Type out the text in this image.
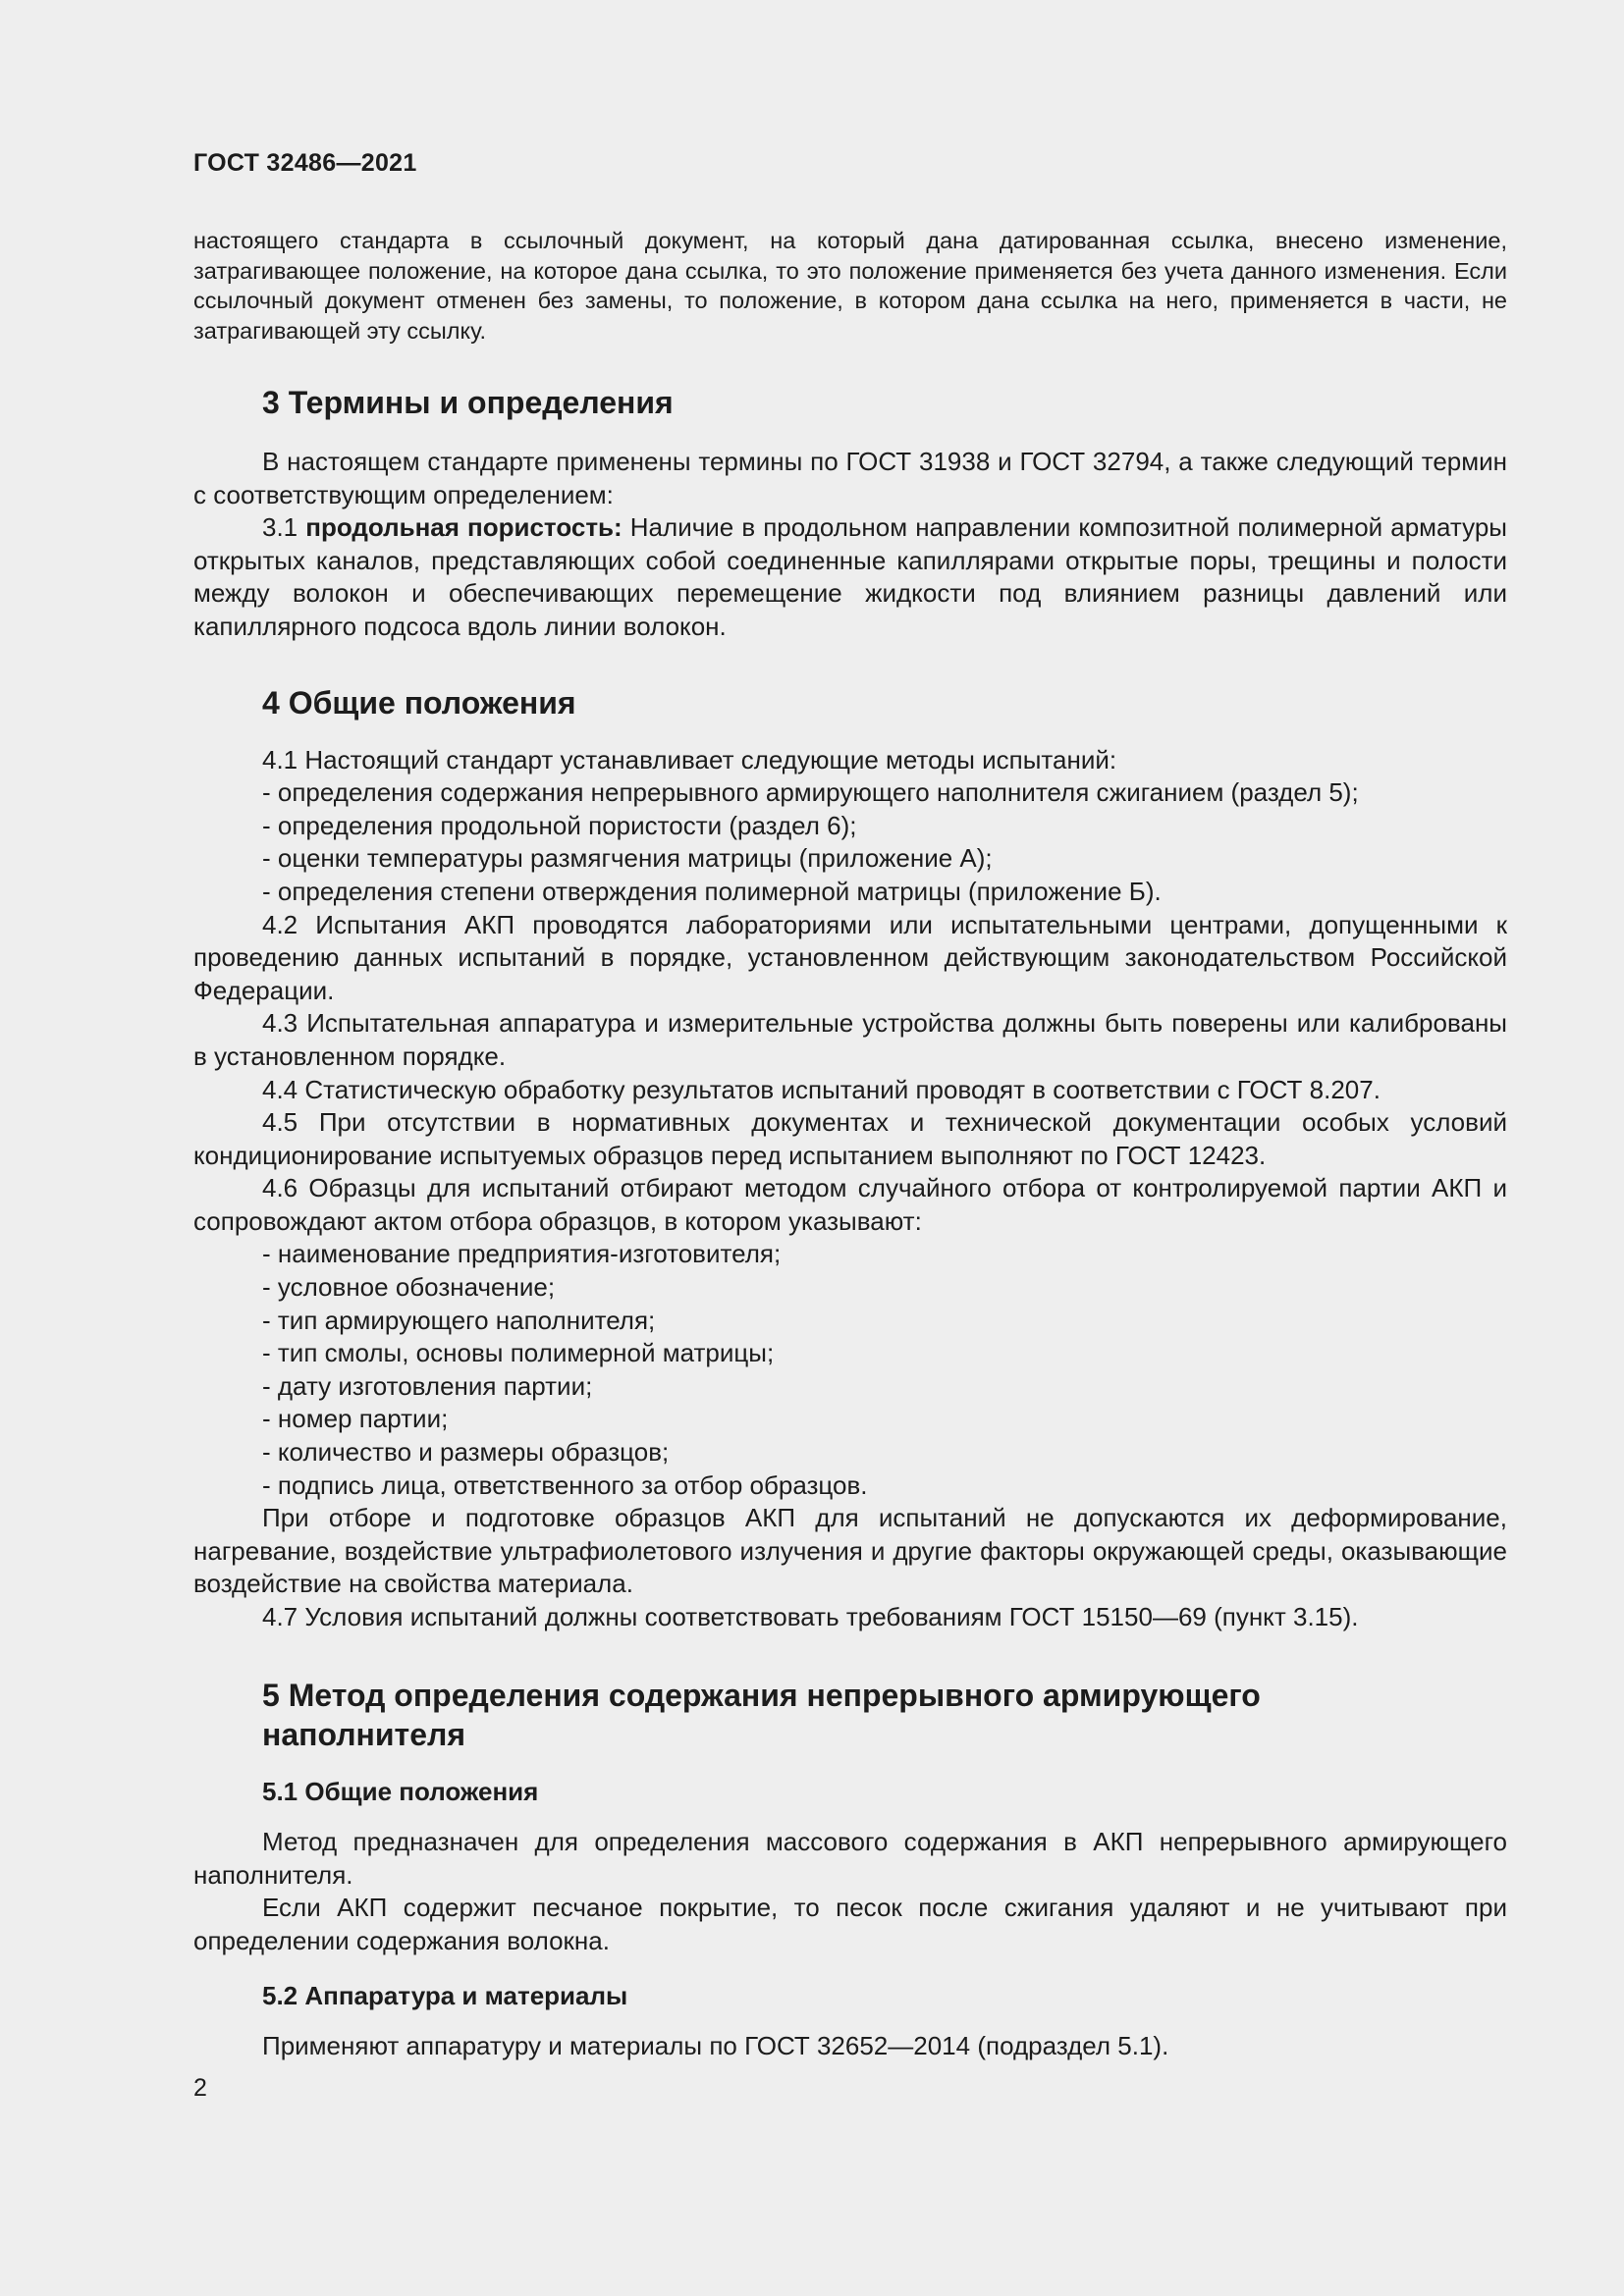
ГОСТ 32486—2021
настоящего стандарта в ссылочный документ, на который дана датированная ссылка, внесено изменение, затрагивающее положение, на которое дана ссылка, то это положение применяется без учета данного изменения. Если ссылочный документ отменен без замены, то положение, в котором дана ссылка на него, применяется в части, не затрагивающей эту ссылку.
3 Термины и определения

В настоящем стандарте применены термины по ГОСТ 31938 и ГОСТ 32794, а также следующий термин с соответствующим определением:

3.1 продольная пористость: Наличие в продольном направлении композитной полимерной арматуры открытых каналов, представляющих собой соединенные капиллярами открытые поры, трещины и полости между волокон и обеспечивающих перемещение жидкости под влиянием разницы давлений или капиллярного подсоса вдоль линии волокон.

4 Общие положения

4.1 Настоящий стандарт устанавливает следующие методы испытаний:

- определения содержания непрерывного армирующего наполнителя сжиганием (раздел 5);

- определения продольной пористости (раздел 6);

- оценки температуры размягчения матрицы (приложение А);

- определения степени отверждения полимерной матрицы (приложение Б).

4.2 Испытания АКП проводятся лабораториями или испытательными центрами, допущенными к проведению данных испытаний в порядке, установленном действующим законодательством Российской Федерации.

4.3 Испытательная аппаратура и измерительные устройства должны быть поверены или калиброваны в установленном порядке.

4.4 Статистическую обработку результатов испытаний проводят в соответствии с ГОСТ 8.207.

4.5 При отсутствии в нормативных документах и технической документации особых условий кондиционирование испытуемых образцов перед испытанием выполняют по ГОСТ 12423.

4.6 Образцы для испытаний отбирают методом случайного отбора от контролируемой партии АКП и сопровождают актом отбора образцов, в котором указывают:

- наименование предприятия-изготовителя;

- условное обозначение;

- тип армирующего наполнителя;

- тип смолы, основы полимерной матрицы;

- дату изготовления партии;

- номер партии;

- количество и размеры образцов;

- подпись лица, ответственного за отбор образцов.

При отборе и подготовке образцов АКП для испытаний не допускаются их деформирование, нагревание, воздействие ультрафиолетового излучения и другие факторы окружающей среды, оказывающие воздействие на свойства материала.

4.7 Условия испытаний должны соответствовать требованиям ГОСТ 15150—69 (пункт 3.15).

5 Метод определения содержания непрерывного армирующего наполнителя
5.1 Общие положения

Метод предназначен для определения массового содержания в АКП непрерывного армирующего наполнителя.

Если АКП содержит песчаное покрытие, то песок после сжигания удаляют и не учитывают при определении содержания волокна.

5.2 Аппаратура и материалы

Применяют аппаратуру и материалы по ГОСТ 32652—2014 (подраздел 5.1).

2
